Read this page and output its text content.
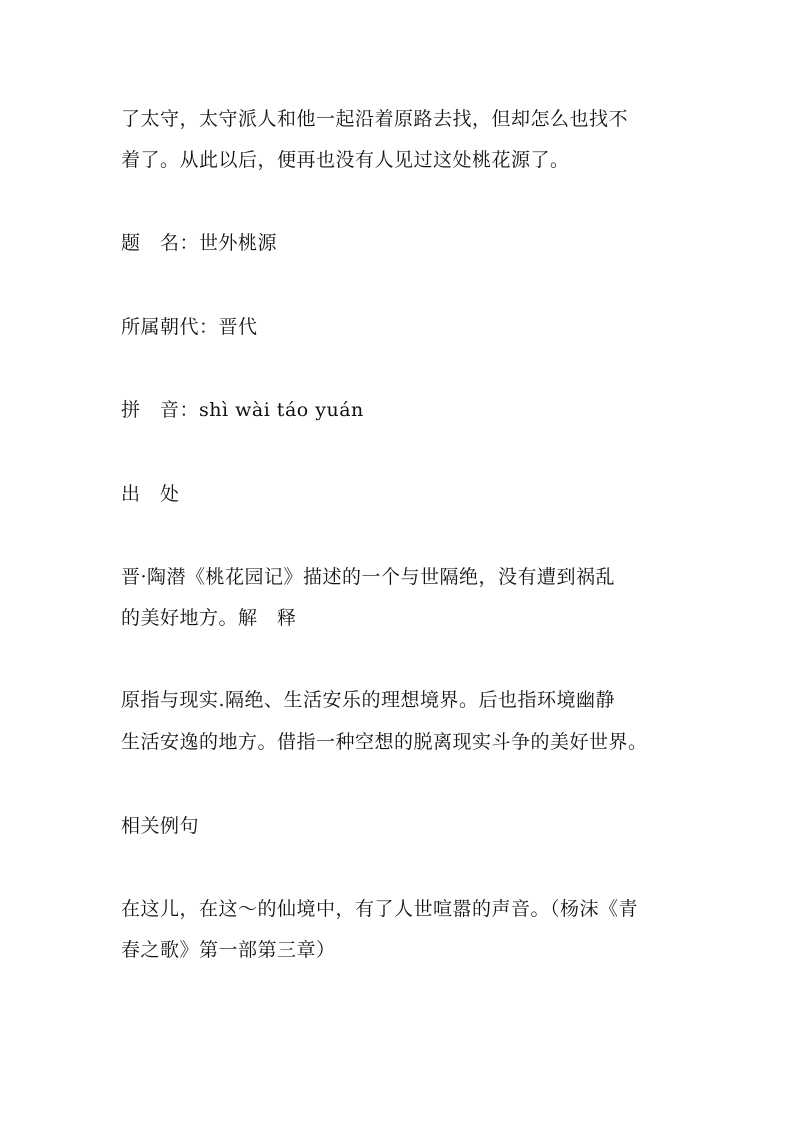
了太守，太守派人和他一起沿着原路去找，但却怎么也找不
着了。从此以后，便再也没有人见过这处桃花源了。
题　名：世外桃源
所属朝代：晋代
拼　音：shì wài táo yuán
出　处
晋·陶潜《桃花园记》描述的一个与世隔绝，没有遭到祸乱
的美好地方。解　释
原指与现实.隔绝、生活安乐的理想境界。后也指环境幽静
生活安逸的地方。借指一种空想的脱离现实斗争的美好世界。
相关例句
在这儿，在这～的仙境中，有了人世喧嚣的声音。（杨沫《青
春之歌》第一部第三章）
